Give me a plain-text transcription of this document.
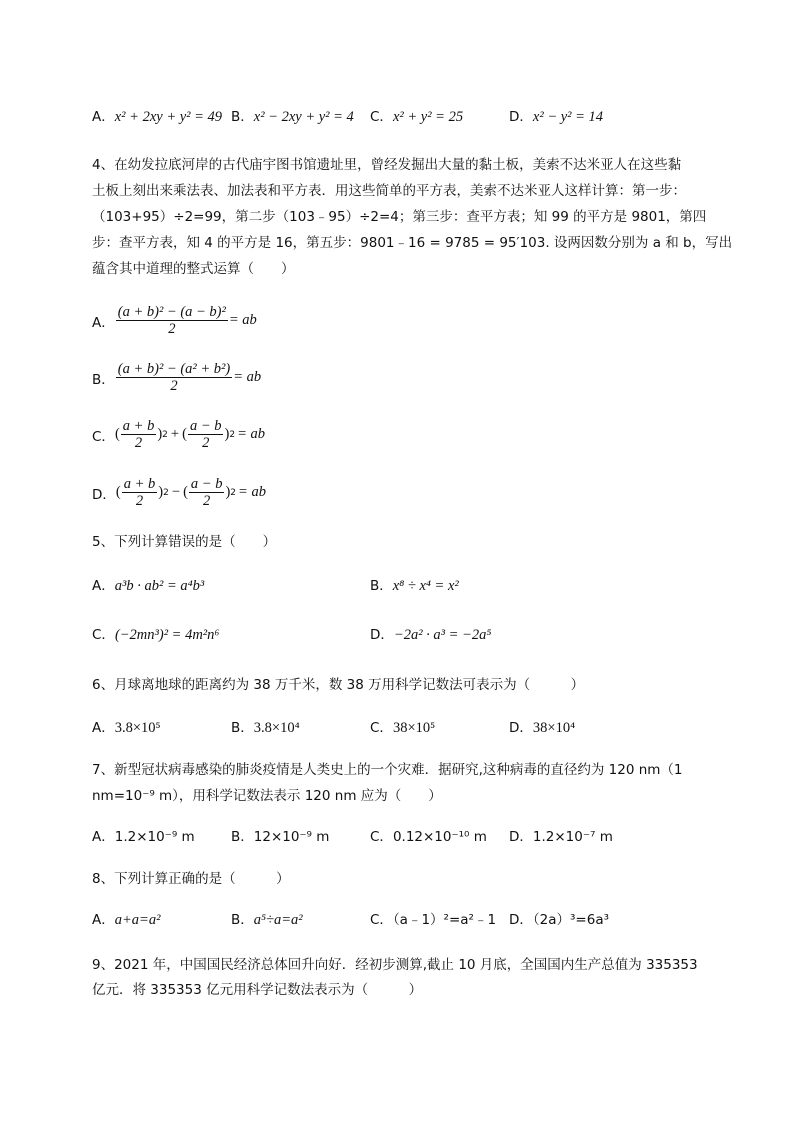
A．x² + 2xy + y² = 49 B．x² − 2xy + y² = 4 C．x² + y² = 25	D．x² − y² = 14
4、在幼发拉底河岸的古代庙宇图书馆遗址里，曾经发掘出大量的黏土板，美索不达米亚人在这些黏
土板上刻出来乘法表、加法表和平方表．用这些简单的平方表，美索不达米亚人这样计算：第一步：
（103+95）÷2=99，第二步（103﹣95）÷2=4；第三步：查平方表；知 99 的平方是 9801，第四
步：查平方表，知 4 的平方是 16，第五步：9801﹣16 = 9785 = 95′103. 设两因数分别为 a 和 b，写出
蕴含其中道理的整式运算（　　）
A． $\frac{\text{(a + b)² − (a − b)²}}{2}$ = ab
B． $\frac{\text{(a + b)² − (a² + b²)}}{2}$ = ab
C． ( $\frac{a + b}{2}$ ) 2 + ( $\frac{a - b}{2}$ ) 2 = ab
D． ( $\frac{a + b}{2}$ ) 2 − ( $\frac{a - b}{2}$ ) 2 = ab
5、下列计算错误的是（　　）
A．a³b · ab² = a⁴b³	B．x⁸ ÷ x⁴ = x²
C．(−2mn³)² = 4m²n⁶	D．−2a² · a³ = −2a⁵
6、月球离地球的距离约为 38 万千米，数 38 万用科学记数法可表示为（　　　）
A．3.8×10⁵	B．3.8×10⁴	C．38×10⁵	D．38×10⁴
7、新型冠状病毒感染的肺炎疫情是人类史上的一个灾难．据研究,这种病毒的直径约为 120 nm（1
nm=10⁻⁹ m），用科学记数法表示 120 nm 应为（　　）
A．1.2×10⁻⁹ m	B．12×10⁻⁹ m	C．0.12×10⁻¹⁰ m D．1.2×10⁻⁷ m
8、下列计算正确的是（　　　）
A．a+a=a²	B．a⁵÷a=a²	C．（a﹣1）²=a²﹣1 D．（2a）³=6a³
9、2021 年，中国国民经济总体回升向好．经初步测算,截止 10 月底，全国国内生产总值为 335353
亿元．将 335353 亿元用科学记数法表示为（　　　）
